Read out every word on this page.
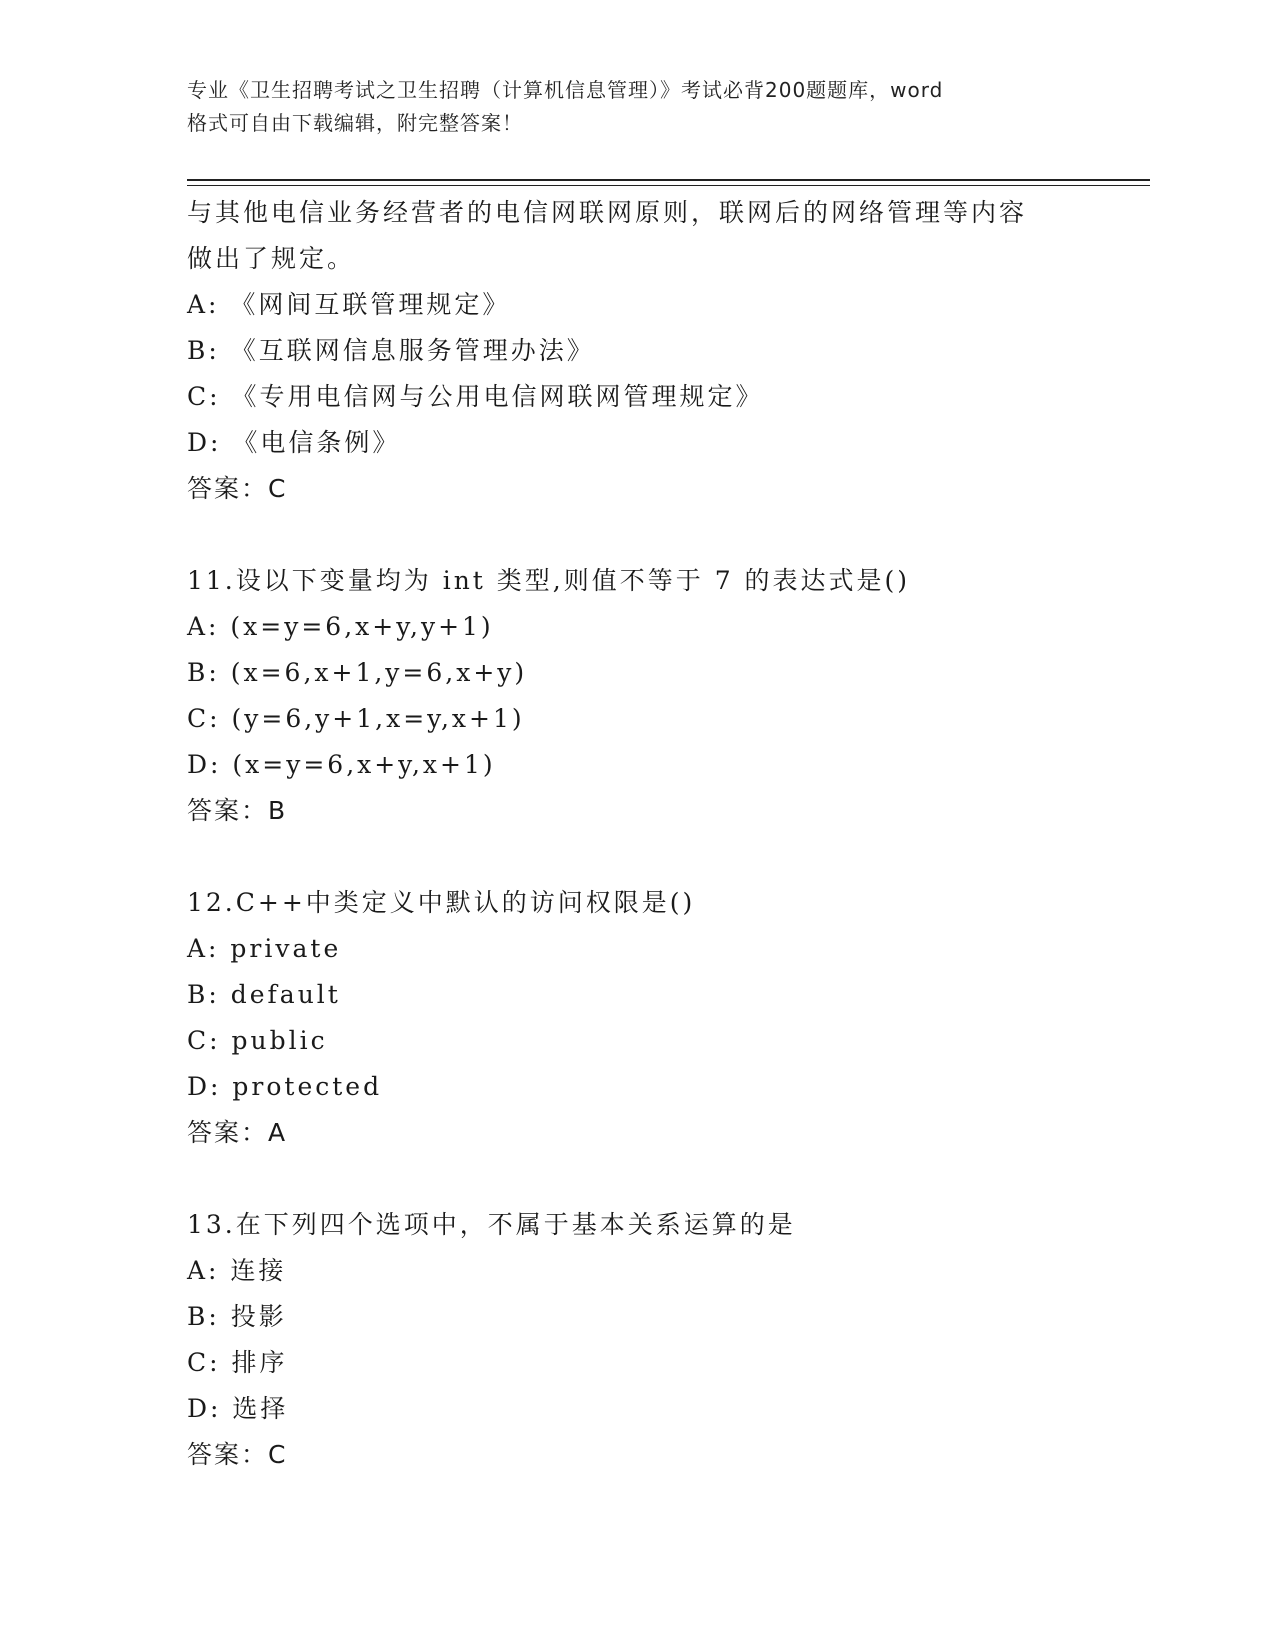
专业《卫生招聘考试之卫生招聘（计算机信息管理）》考试必背200题题库，word
格式可自由下载编辑，附完整答案！
与其他电信业务经营者的电信网联网原则，联网后的网络管理等内容
做出了规定。
A: 《网间互联管理规定》
B: 《互联网信息服务管理办法》
C: 《专用电信网与公用电信网联网管理规定》
D: 《电信条例》
答案：C
11.设以下变量均为 int 类型,则值不等于 7 的表达式是()
A: (x=y=6,x+y,y+1)
B: (x=6,x+1,y=6,x+y)
C: (y=6,y+1,x=y,x+1)
D: (x=y=6,x+y,x+1)
答案：B
12.C++中类定义中默认的访问权限是()
A: private
B: default
C: public
D: protected
答案：A
13.在下列四个选项中，不属于基本关系运算的是
A: 连接
B: 投影
C: 排序
D: 选择
答案：C
